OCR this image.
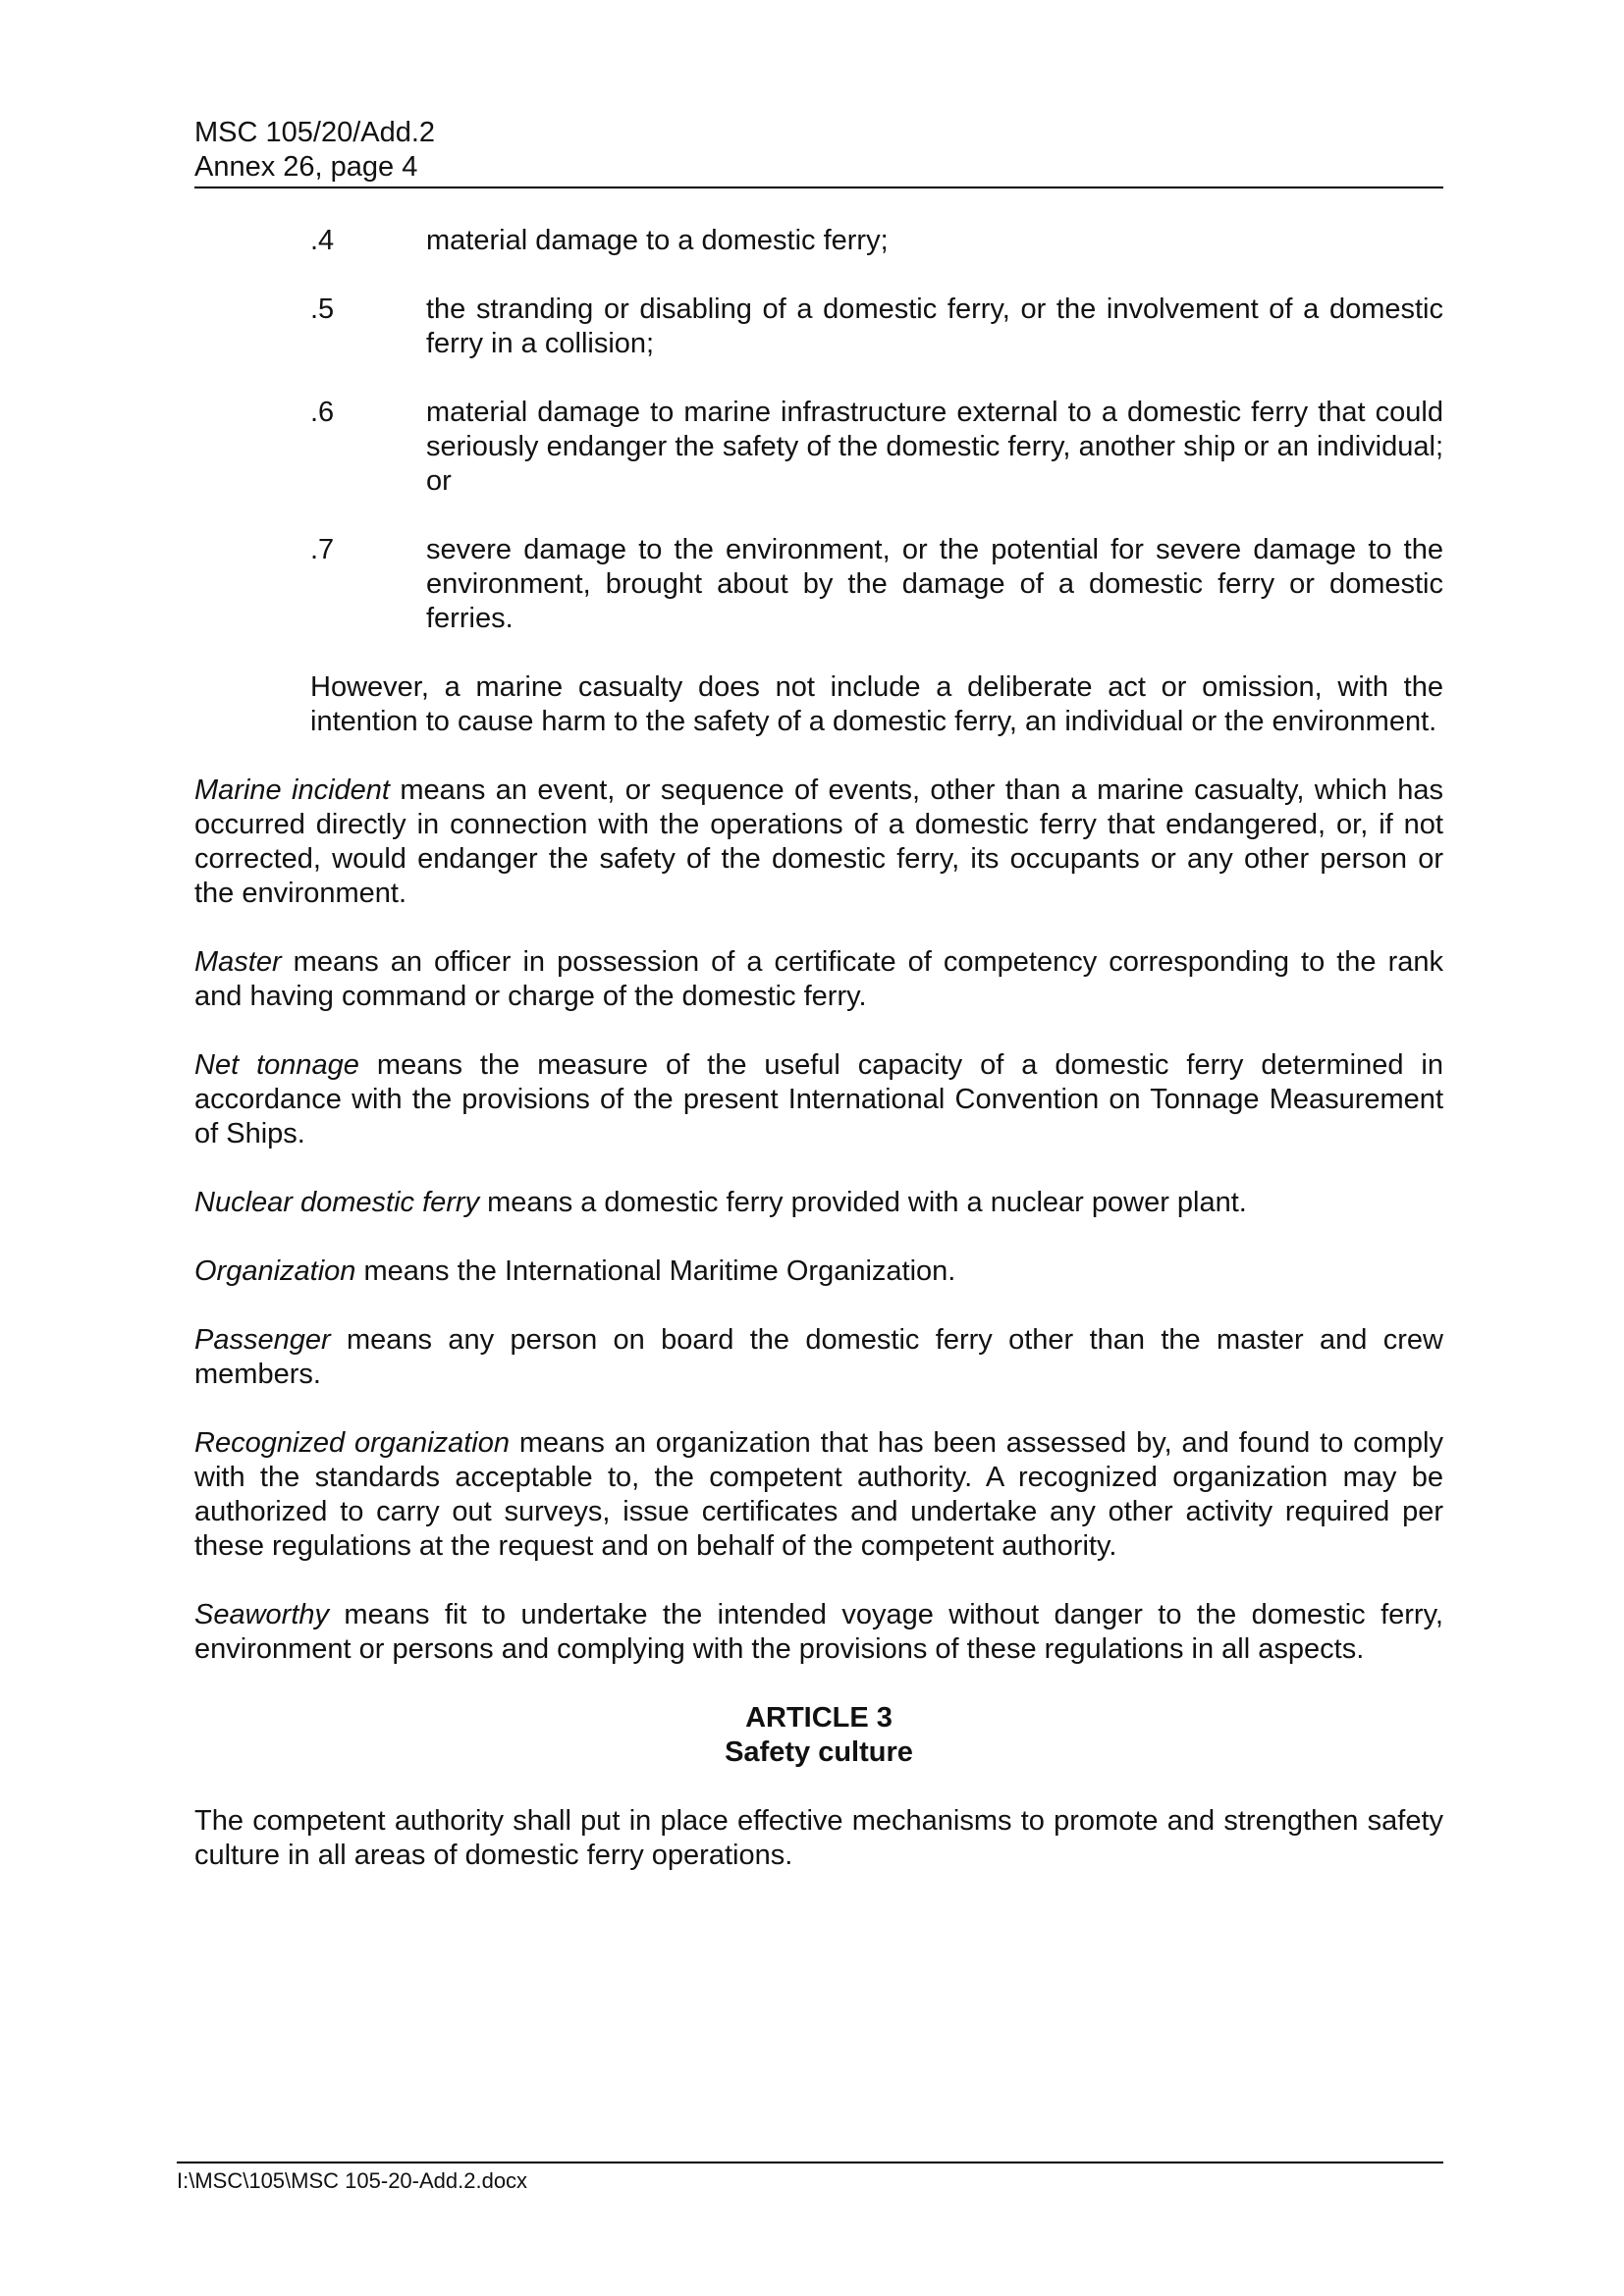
MSC 105/20/Add.2
Annex 26, page 4
.4	material damage to a domestic ferry;
.5	the stranding or disabling of a domestic ferry, or the involvement of a domestic ferry in a collision;
.6	material damage to marine infrastructure external to a domestic ferry that could seriously endanger the safety of the domestic ferry, another ship or an individual; or
.7	severe damage to the environment, or the potential for severe damage to the environment, brought about by the damage of a domestic ferry or domestic ferries.

However, a marine casualty does not include a deliberate act or omission, with the intention to cause harm to the safety of a domestic ferry, an individual or the environment.

Marine incident means an event, or sequence of events, other than a marine casualty, which has occurred directly in connection with the operations of a domestic ferry that endangered, or, if not corrected, would endanger the safety of the domestic ferry, its occupants or any other person or the environment.

Master means an officer in possession of a certificate of competency corresponding to the rank and having command or charge of the domestic ferry.

Net tonnage means the measure of the useful capacity of a domestic ferry determined in accordance with the provisions of the present International Convention on Tonnage Measurement of Ships.

Nuclear domestic ferry means a domestic ferry provided with a nuclear power plant.

Organization means the International Maritime Organization.

Passenger means any person on board the domestic ferry other than the master and crew members.

Recognized organization means an organization that has been assessed by, and found to comply with the standards acceptable to, the competent authority. A recognized organization may be authorized to carry out surveys, issue certificates and undertake any other activity required per these regulations at the request and on behalf of the competent authority.

Seaworthy means fit to undertake the intended voyage without danger to the domestic ferry, environment or persons and complying with the provisions of these regulations in all aspects.

ARTICLE 3
Safety culture

The competent authority shall put in place effective mechanisms to promote and strengthen safety culture in all areas of domestic ferry operations.

I:\MSC\105\MSC 105-20-Add.2.docx
